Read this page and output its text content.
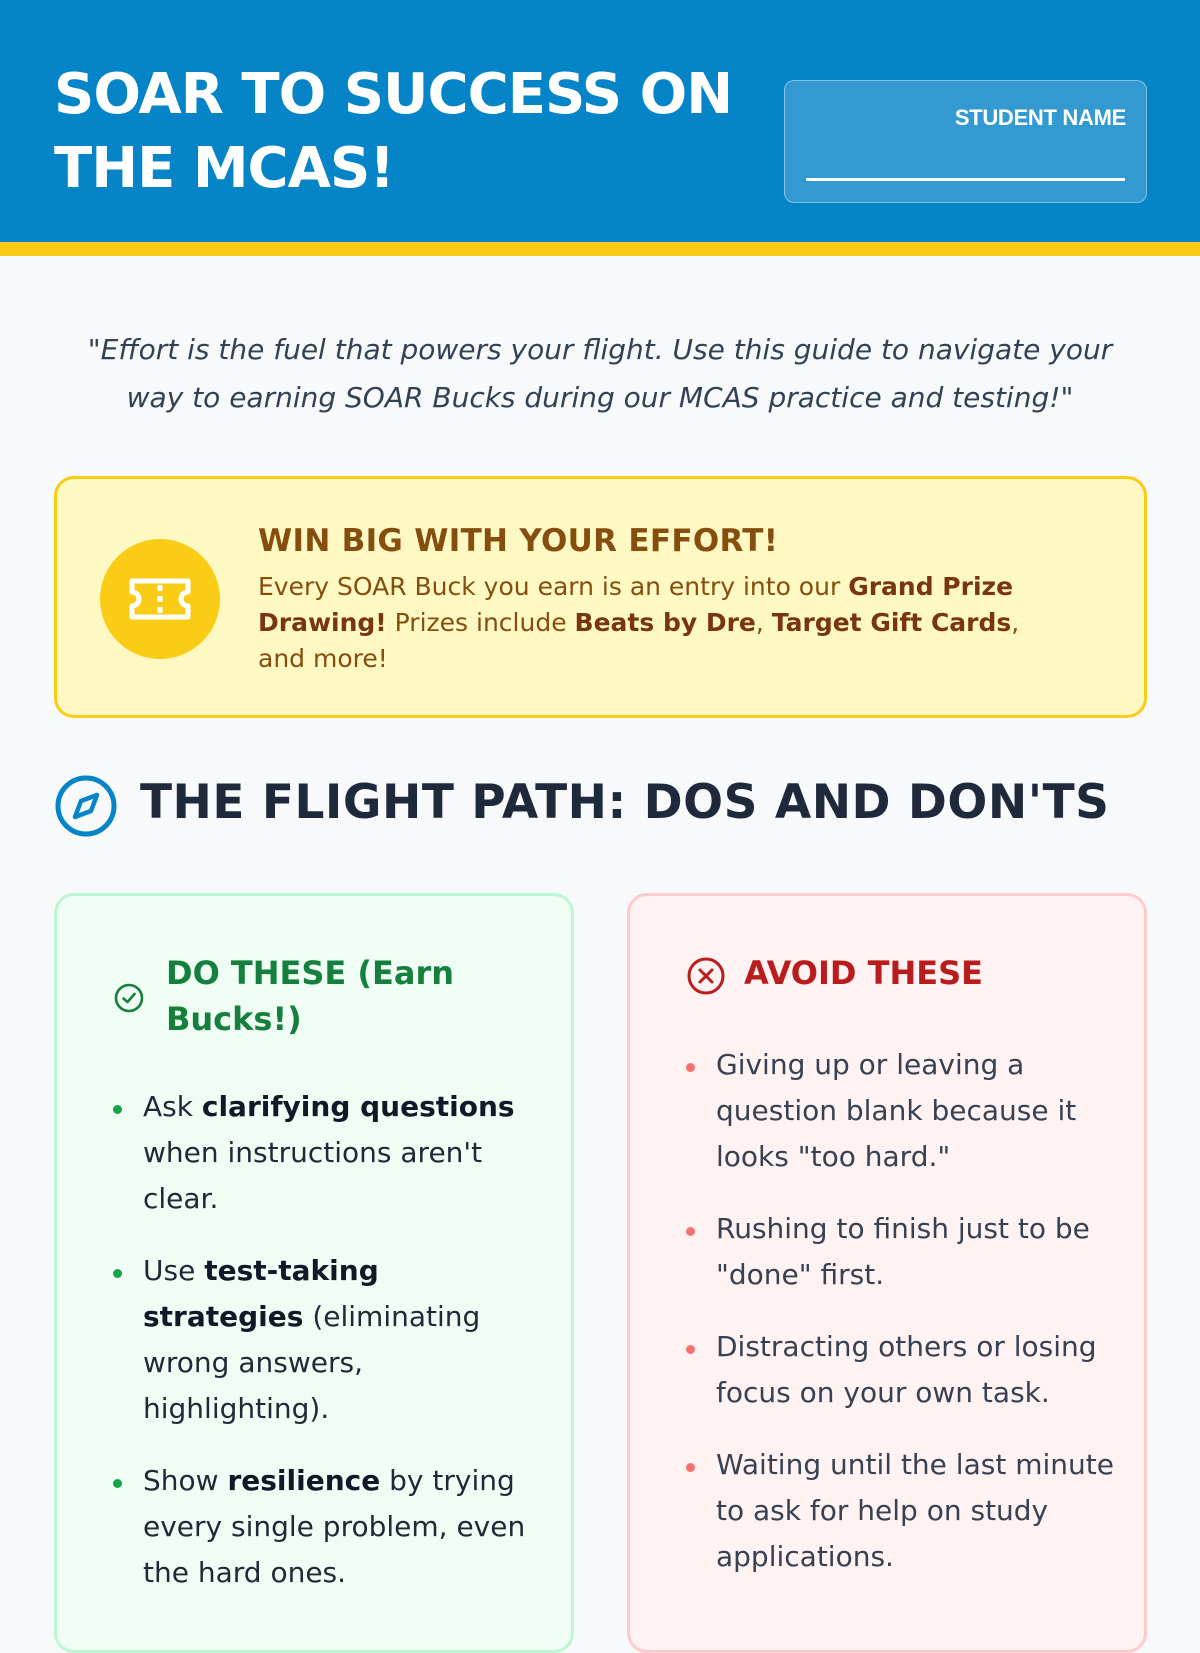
SOAR TO SUCCESS ON THE MCAS!
STUDENT NAME

"Effort is the fuel that powers your flight. Use this guide to navigate your way to earning SOAR Bucks during our MCAS practice and testing!"

WIN BIG WITH YOUR EFFORT!

Every SOAR Buck you earn is an entry into our Grand Prize Drawing! Prizes include Beats by Dre, Target Gift Cards, and more!

THE FLIGHT PATH: DOS AND DON'TS
DO THESE (Earn Bucks!)
Ask clarifying questions when instructions aren't clear.
Use test-taking strategies (eliminating wrong answers, highlighting).
Show resilience by trying every single problem, even the hard ones.
AVOID THESE
Giving up or leaving a question blank because it looks "too hard."
Rushing to finish just to be "done" first.
Distracting others or losing focus on your own task.
Waiting until the last minute to ask for help on study applications.
